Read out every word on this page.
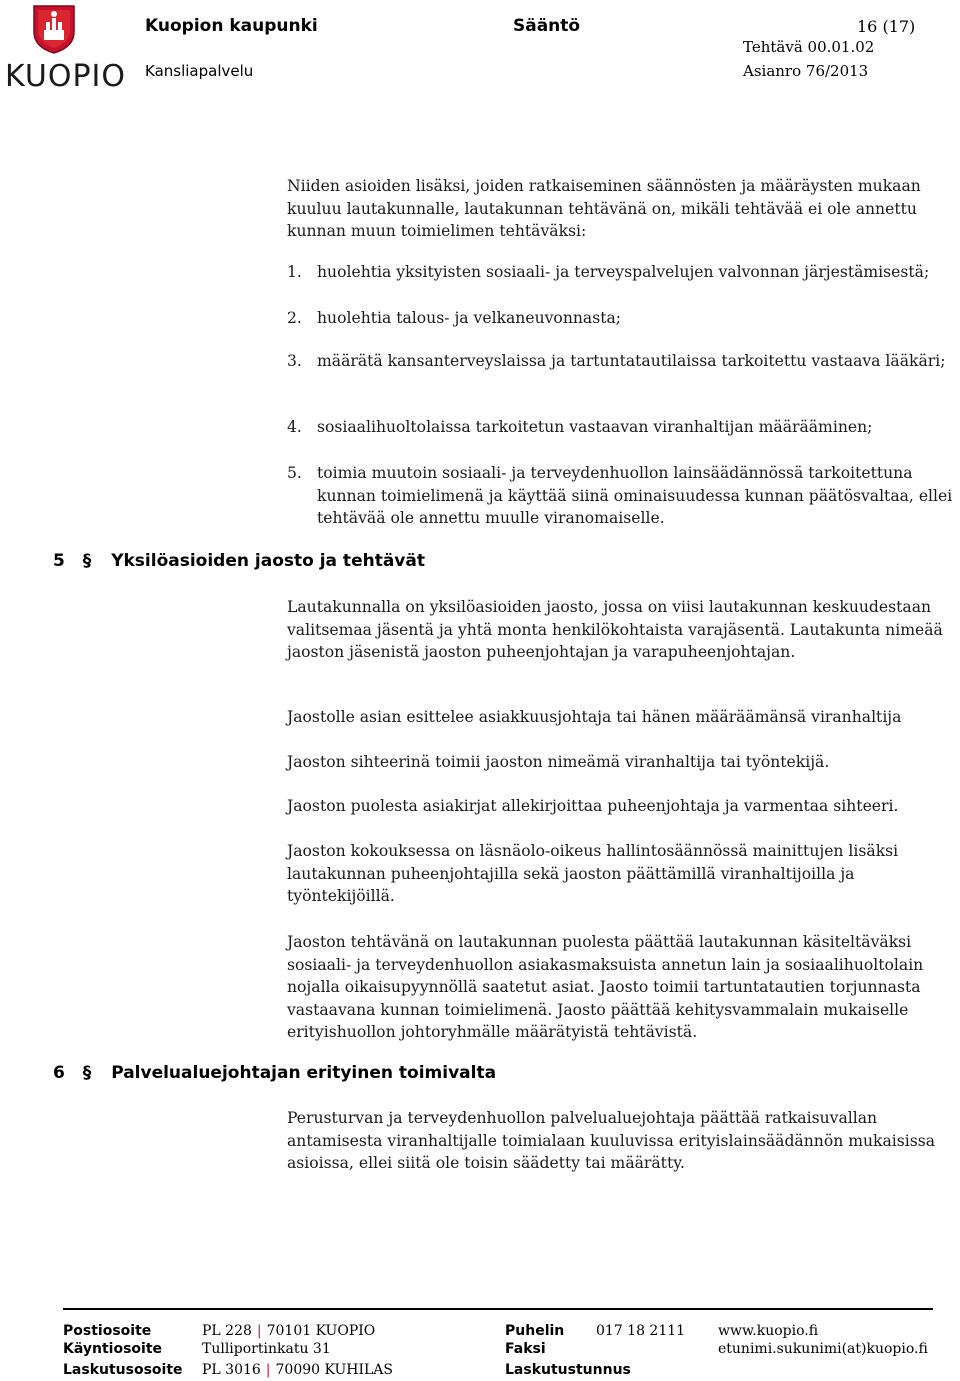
KUOPIO
Kuopion kaupunki	Sääntö	16 (17)
Tehtävä 00.01.02
Kansliapalvelu	Asianro 76/2013
Niiden asioiden lisäksi, joiden ratkaiseminen säännösten ja määräysten mukaan kuuluu lautakunnalle, lautakunnan tehtävänä on, mikäli tehtävää ei ole annettu kunnan muun toimielimen tehtäväksi:
1. huolehtia yksityisten sosiaali- ja terveyspalvelujen valvonnan järjestämisestä;
2. huolehtia talous- ja velkaneuvonnasta;
3. määrätä kansanterveyslaissa ja tartuntatautilaissa tarkoitettu vastaava lääkäri;
4. sosiaalihuoltolaissa tarkoitetun vastaavan viranhaltijan määrääminen;
5. toimia muutoin sosiaali- ja terveydenhuollon lainsäädännössä tarkoitettuna kunnan toimielimenä ja käyttää siinä ominaisuudessa kunnan päätösvaltaa, ellei tehtävää ole annettu muulle viranomaiselle.
5 § Yksilöasioiden jaosto ja tehtävät
Lautakunnalla on yksilöasioiden jaosto, jossa on viisi lautakunnan keskuudestaan valitsemaa jäsentä ja yhtä monta henkilökohtaista varajäsentä. Lautakunta nimeää jaoston jäsenistä jaoston puheenjohtajan ja varapuheenjohtajan.
Jaostolle asian esittelee asiakkuusjohtaja tai hänen määräämänsä viranhaltija
Jaoston sihteerinä toimii jaoston nimeämä viranhaltija tai työntekijä.
Jaoston puolesta asiakirjat allekirjoittaa puheenjohtaja ja varmentaa sihteeri.
Jaoston kokouksessa on läsnäolo-oikeus hallintosäännössä mainittujen lisäksi lautakunnan puheenjohtajilla sekä jaoston päättämillä viranhaltijoilla ja työntekijöillä.
Jaoston tehtävänä on lautakunnan puolesta päättää lautakunnan käsiteltäväksi sosiaali- ja terveydenhuollon asiakasmaksuista annetun lain ja sosiaalihuoltolain nojalla oikaisupyynnöllä saatetut asiat. Jaosto toimii tartuntatautien torjunnasta vastaavana kunnan toimielimenä. Jaosto päättää kehitysvammalain mukaiselle erityishuollon johtoryhmälle määrätyistä tehtävistä.
6 § Palvelualuejohtajan erityinen toimivalta
Perusturvan ja terveydenhuollon palvelualuejohtaja päättää ratkaisuvallan antamisesta viranhaltijalle toimialaan kuuluvissa erityislainsäädännön mukaisissa asioissa, ellei siitä ole toisin säädetty tai määrätty.
Postiosoite	PL 228 | 70101 KUOPIO	Puhelin 017 18 2111 www.kuopio.fi
Käyntiosoite	Tulliportinkatu 31	Faksi	etunimi.sukunimi(at)kuopio.fi
Laskutusosoite PL 3016 | 70090 KUHILAS	Laskutustunnus
